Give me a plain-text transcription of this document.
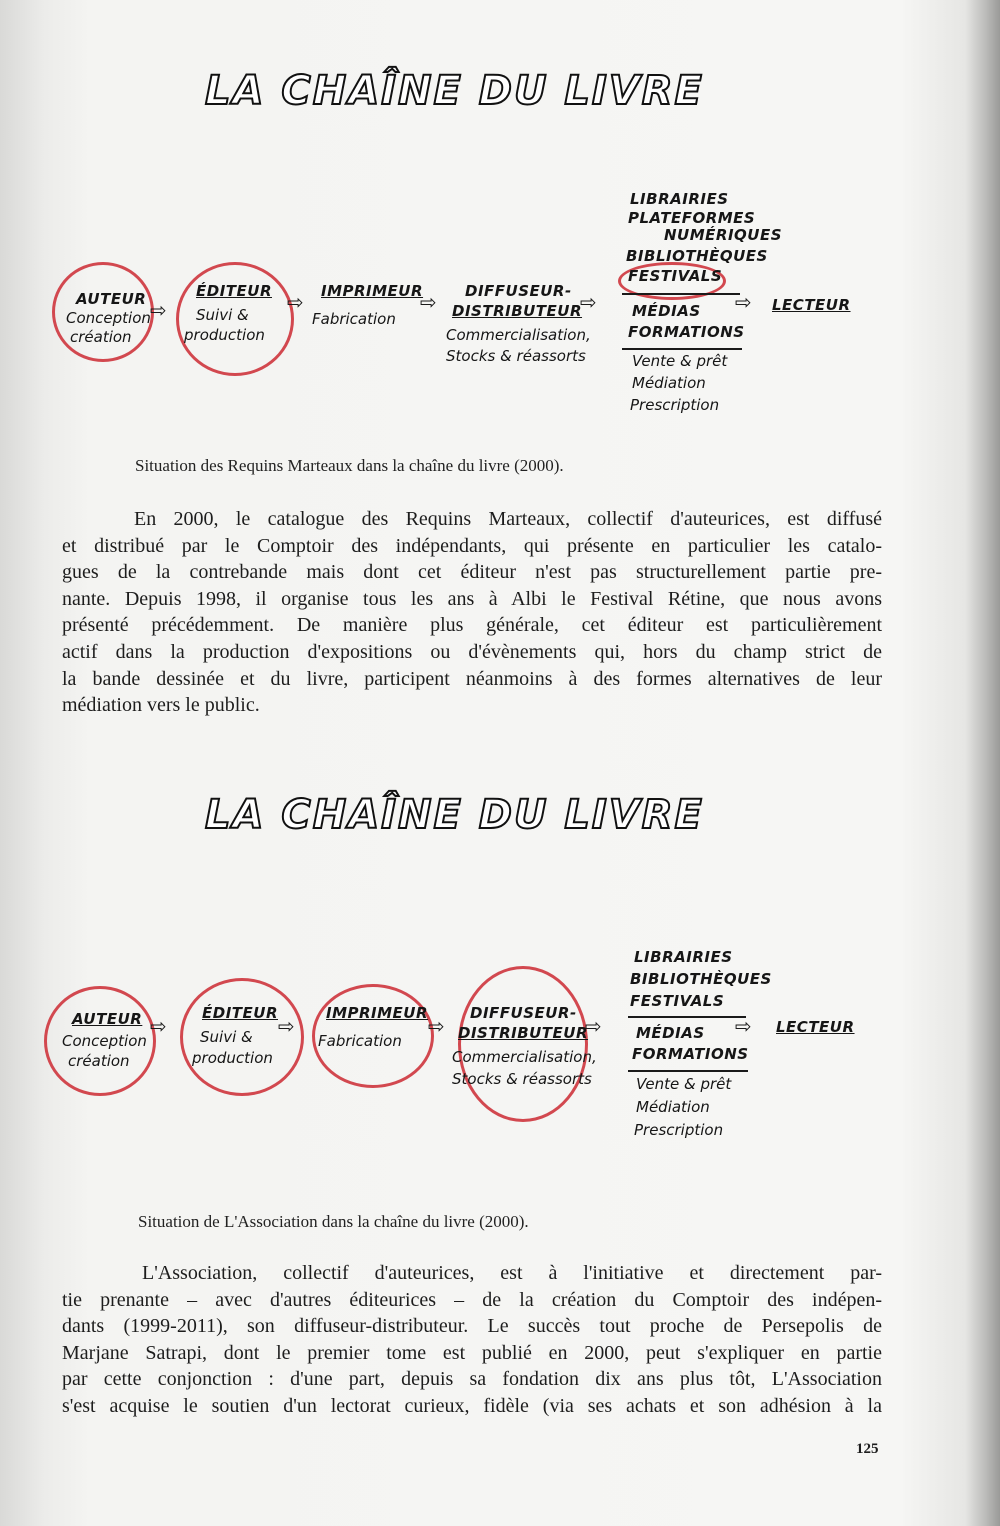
LA CHAÎNE DU LIVRE
AUTEUR
Conception
création
⇨
ÉDITEUR
Suivi &
production
⇨ IMPRIMEUR
Fabrication
⇨ DIFFUSEUR-
DISTRIBUTEUR
Commercialisation,
Stocks & réassorts
⇨
LIBRAIRIES
PLATEFORMES
NUMÉRIQUES
BIBLIOTHÈQUES
FESTIVALS
MÉDIAS
FORMATIONS
Vente & prêt
Médiation
Prescription
⇨ LECTEUR
Situation des Requins Marteaux dans la chaîne du livre (2000).
En 2000, le catalogue des Requins Marteaux, collectif d'auteurices, est diffusé
et distribué par le Comptoir des indépendants, qui présente en particulier les catalo-
gues de la contrebande mais dont cet éditeur n'est pas structurellement partie pre-
nante. Depuis 1998, il organise tous les ans à Albi le Festival Rétine, que nous avons
présenté précédemment. De manière plus générale, cet éditeur est particulièrement
actif dans la production d'expositions ou d'évènements qui, hors du champ strict de
la bande dessinée et du livre, participent néanmoins à des formes alternatives de leur
médiation vers le public.
LA CHAÎNE DU LIVRE
AUTEUR
Conception
création
⇨
ÉDITEUR
Suivi &
production
⇨
IMPRIMEUR
Fabrication
⇨
DIFFUSEUR-
DISTRIBUTEUR
Commercialisation,
Stocks & réassorts
⇨
LIBRAIRIES
BIBLIOTHÈQUES
FESTIVALS
MÉDIAS
FORMATIONS
Vente & prêt
Médiation
Prescription
⇨ LECTEUR
Situation de L'Association dans la chaîne du livre (2000).
L'Association, collectif d'auteurices, est à l'initiative et directement par-
tie prenante – avec d'autres éditeurices – de la création du Comptoir des indépen-
dants (1999-2011), son diffuseur-distributeur. Le succès tout proche de Persepolis de
Marjane Satrapi, dont le premier tome est publié en 2000, peut s'expliquer en partie
par cette conjonction : d'une part, depuis sa fondation dix ans plus tôt, L'Association
s'est acquise le soutien d'un lectorat curieux, fidèle (via ses achats et son adhésion à la
125
